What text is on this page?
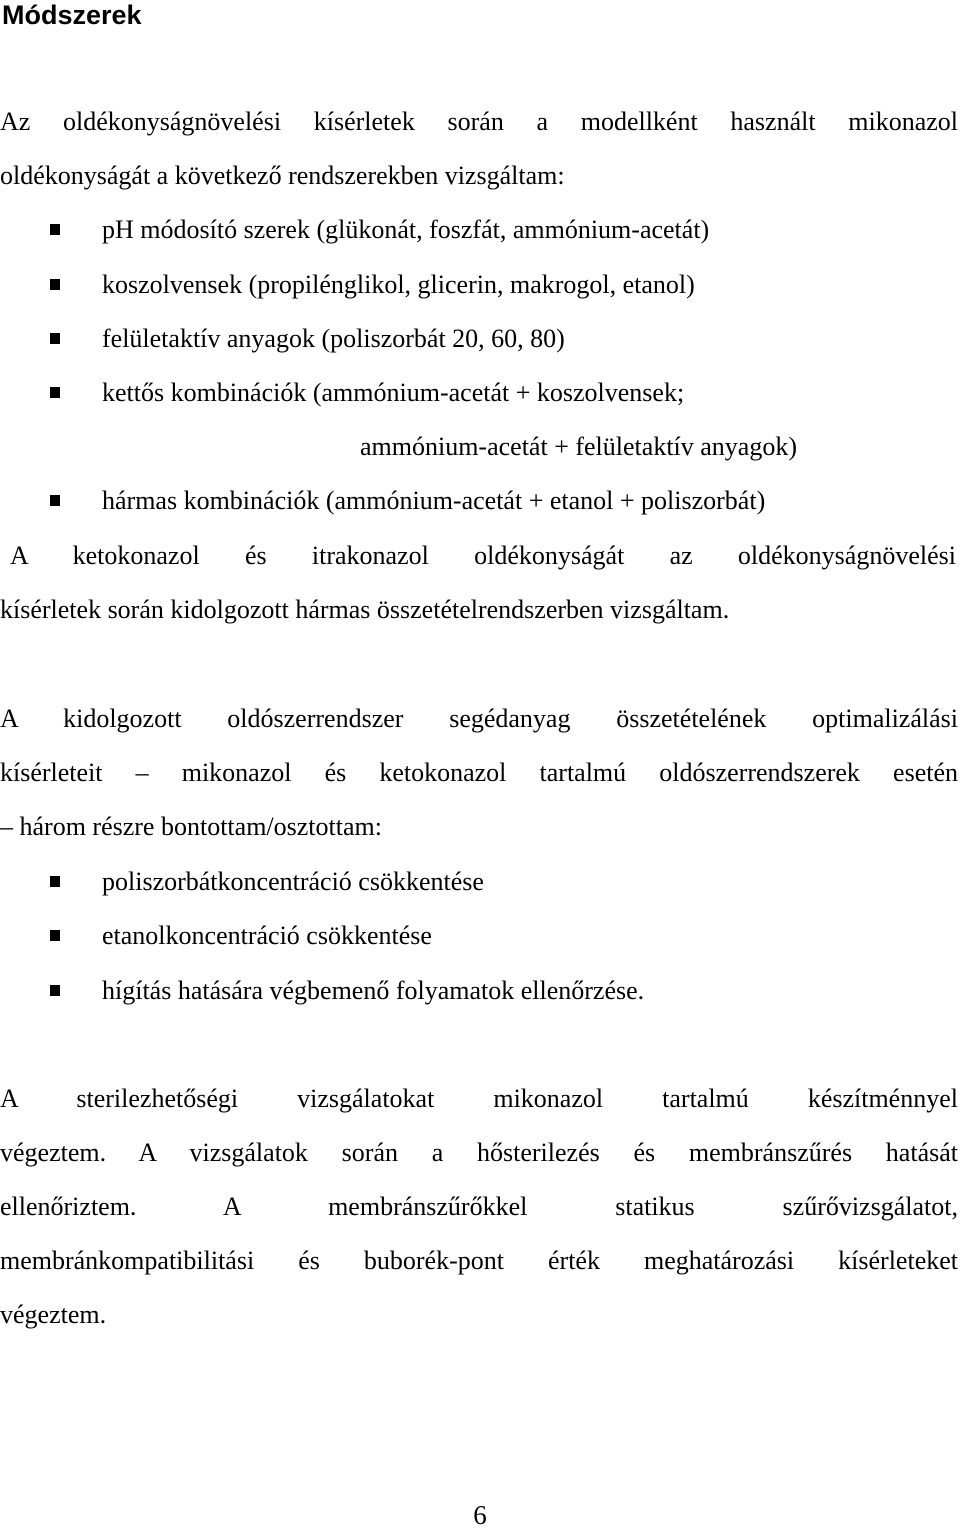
Módszerek
Az oldékonyságnövelési kísérletek során a modellként használt mikonazol
oldékonyságát a következő rendszerekben vizsgáltam:
pH módosító szerek (glükonát, foszfát, ammónium-acetát)
koszolvensek (propilénglikol, glicerin, makrogol, etanol)
felületaktív anyagok (poliszorbát 20, 60, 80)
kettős kombinációk (ammónium-acetát + koszolvensek;
ammónium-acetát + felületaktív anyagok)
hármas kombinációk (ammónium-acetát + etanol + poliszorbát)
A ketokonazol és itrakonazol oldékonyságát az oldékonyságnövelési
kísérletek során kidolgozott hármas összetételrendszerben vizsgáltam.
A kidolgozott oldószerrendszer segédanyag összetételének optimalizálási
kísérleteit – mikonazol és ketokonazol tartalmú oldószerrendszerek esetén
– három részre bontottam/osztottam:
poliszorbátkoncentráció csökkentése
etanolkoncentráció csökkentése
hígítás hatására végbemenő folyamatok ellenőrzése.
A sterilezhetőségi vizsgálatokat mikonazol tartalmú készítménnyel
végeztem. A vizsgálatok során a hősterilezés és membránszűrés hatását
ellenőriztem. A membránszűrőkkel statikus szűrővizsgálatot,
membránkompatibilitási és buborék-pont érték meghatározási kísérleteket
végeztem.
6
